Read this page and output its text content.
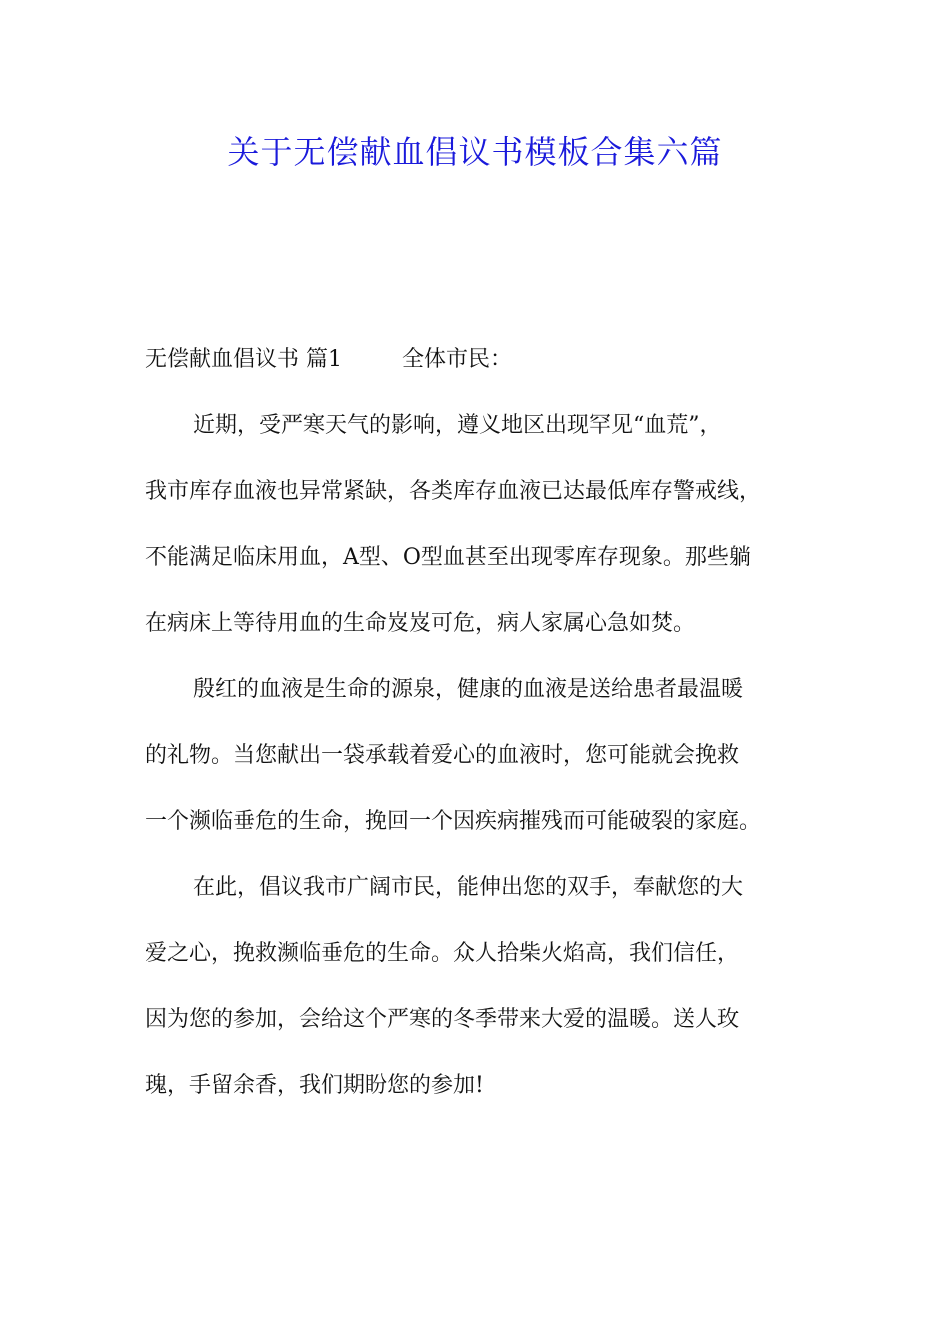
关于无偿献血倡议书模板合集六篇
无偿献血倡议书 篇1	全体市民：
近期，受严寒天气的影响，遵义地区出现罕见“血荒”，
我市库存血液也异常紧缺，各类库存血液已达最低库存警戒线，
不能满足临床用血，A型、O型血甚至出现零库存现象。那些躺
在病床上等待用血的生命岌岌可危，病人家属心急如焚。
殷红的血液是生命的源泉，健康的血液是送给患者最温暖
的礼物。当您献出一袋承载着爱心的血液时，您可能就会挽救
一个濒临垂危的生命，挽回一个因疾病摧残而可能破裂的家庭。
在此，倡议我市广阔市民，能伸出您的双手，奉献您的大
爱之心，挽救濒临垂危的生命。众人拾柴火焰高，我们信任，
因为您的参加，会给这个严寒的冬季带来大爱的温暖。送人玫
瑰，手留余香，我们期盼您的参加!
